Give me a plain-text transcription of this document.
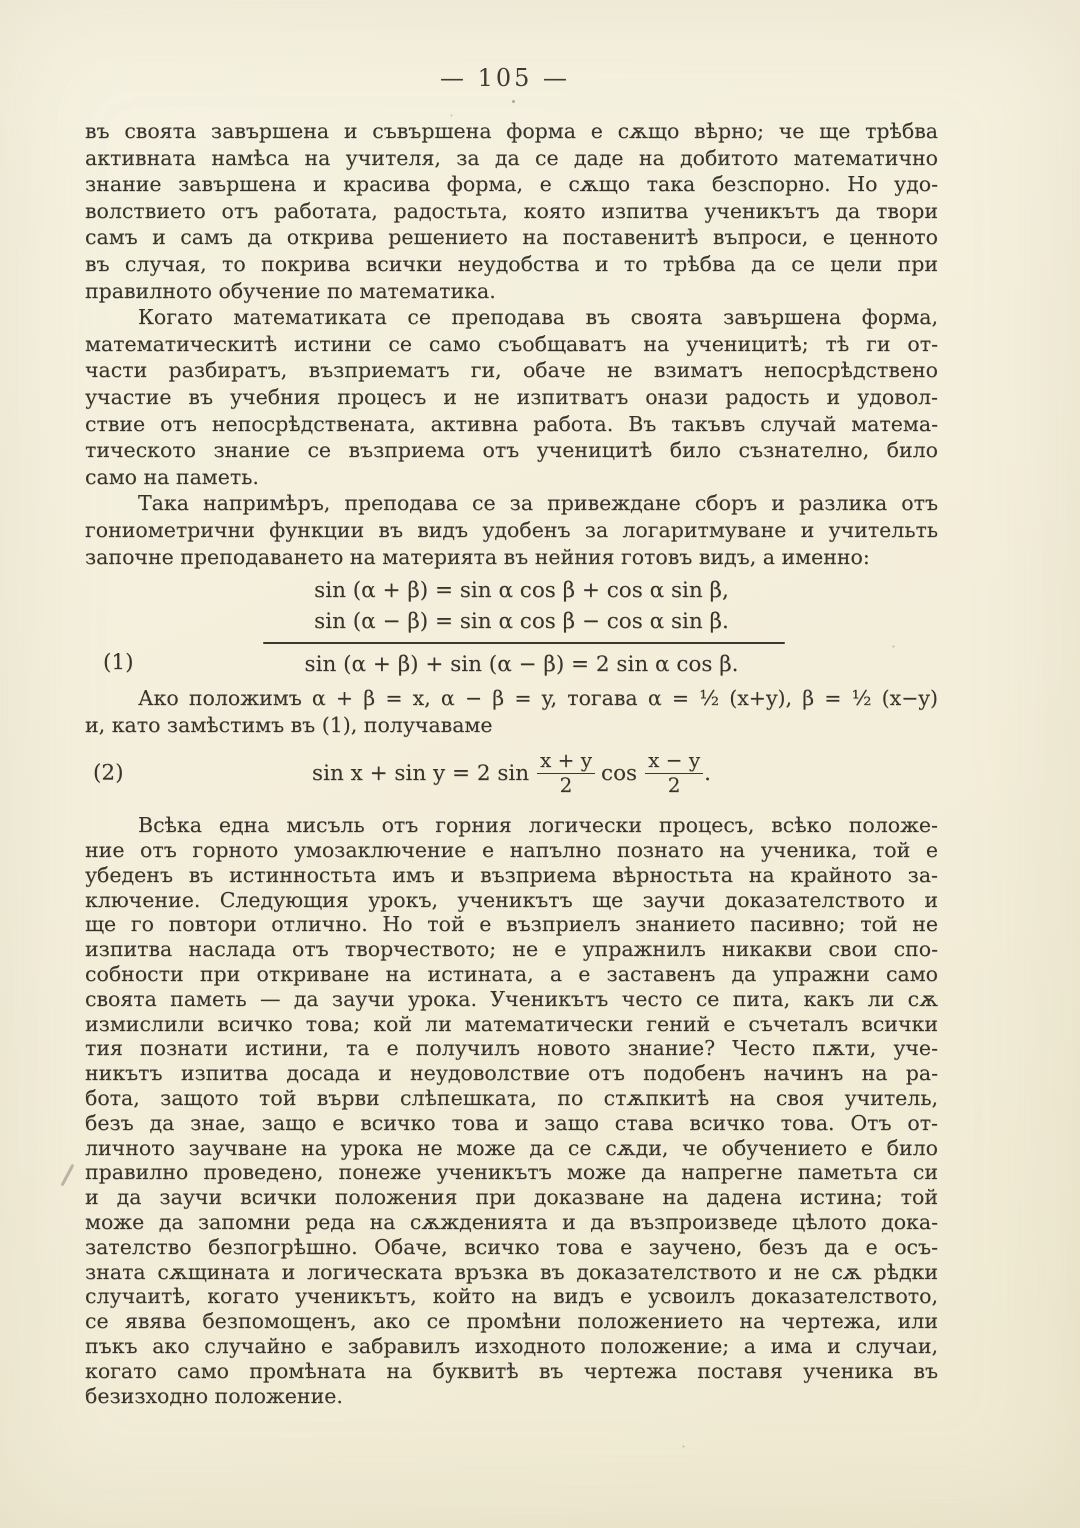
— 105 —
въ своята завършена и съвършена форма е сѫщо вѣрно; че ще трѣбва
активната намѣса на учителя, за да се даде на добитото математично
знание завършена и красива форма, е сѫщо така безспорно. Но удо-
волствието отъ работата, радостьта, която изпитва ученикътъ да твори
самъ и самъ да открива решението на поставенитѣ въпроси, е ценното
въ случая, то покрива всички неудобства и то трѣбва да се цели при
правилното обучение по математика.
Когато математиката се преподава въ своята завършена форма,
математическитѣ истини се само съобщаватъ на ученицитѣ; тѣ ги от-
части разбиратъ, възприематъ ги, обаче не взиматъ непосрѣдствено
участие въ учебния процесъ и не изпитватъ онази радость и удовол-
ствие отъ непосрѣдствената, активна работа. Въ такъвъ случай матема-
тическото знание се възприема отъ ученицитѣ било съзнателно, било
само на паметь.
Така напримѣръ, преподава се за привеждане сборъ и разлика отъ
гониометрични функции въ видъ удобенъ за логаритмуване и учительть
започне преподаването на материята въ нейния готовъ видъ, а именно:
sin (α + β) = sin α cos β + cos α sin β,
sin (α − β) = sin α cos β − cos α sin β.
(1)	sin (α + β) + sin (α − β) = 2 sin α cos β.
Ако положимъ α + β = x, α − β = y, тогава α = ½ (x+y), β = ½ (x−y)
и, като замѣстимъ въ (1), получаваме
(2)	sin x + sin y = 2 $\sin \frac{x + y}{2}$ $\cos \frac{x - y}{2}$ .
Всѣка една мисъль отъ горния логически процесъ, всѣко положе-
ние отъ горното умозаключение е напълно познато на ученика, той е
убеденъ въ истинностьта имъ и възприема вѣрностьта на крайното за-
ключение. Следующия урокъ, ученикътъ ще заучи доказателството и
ще го повтори отлично. Но той е възприелъ знанието пасивно; той не
изпитва наслада отъ творчеството; не е упражнилъ никакви свои спо-
собности при откриване на истината, а е заставенъ да упражни само
своята паметь — да заучи урока. Ученикътъ често се пита, какъ ли сѫ
измислили всичко това; кой ли математически гений е съчеталъ всички
тия познати истини, та е получилъ новото знание? Често пѫти, уче-
никътъ изпитва досада и неудоволствие отъ подобенъ начинъ на ра-
бота, защото той върви слѣпешката, по стѫпкитѣ на своя учитель,
безъ да знае, защо е всичко това и защо става всичко това. Отъ от-
личното заучване на урока не може да се сѫди, че обучението е било
правилно проведено, понеже ученикътъ може да напрегне паметьта си
и да заучи всички положения при доказване на дадена истина; той
може да запомни реда на сѫжденията и да възпроизведе цѣлото дока-
зателство безпогрѣшно. Обаче, всичко това е заучено, безъ да е осъ-
зната сѫщината и логическата връзка въ доказателството и не сѫ рѣдки
случаитѣ, когато ученикътъ, който на видъ е усвоилъ доказателството,
се явява безпомощенъ, ако се промѣни положението на чертежа, или
пъкъ ако случайно е забравилъ изходното положение; а има и случаи,
когато само промѣната на буквитѣ въ чертежа поставя ученика въ
безизходно положение.
